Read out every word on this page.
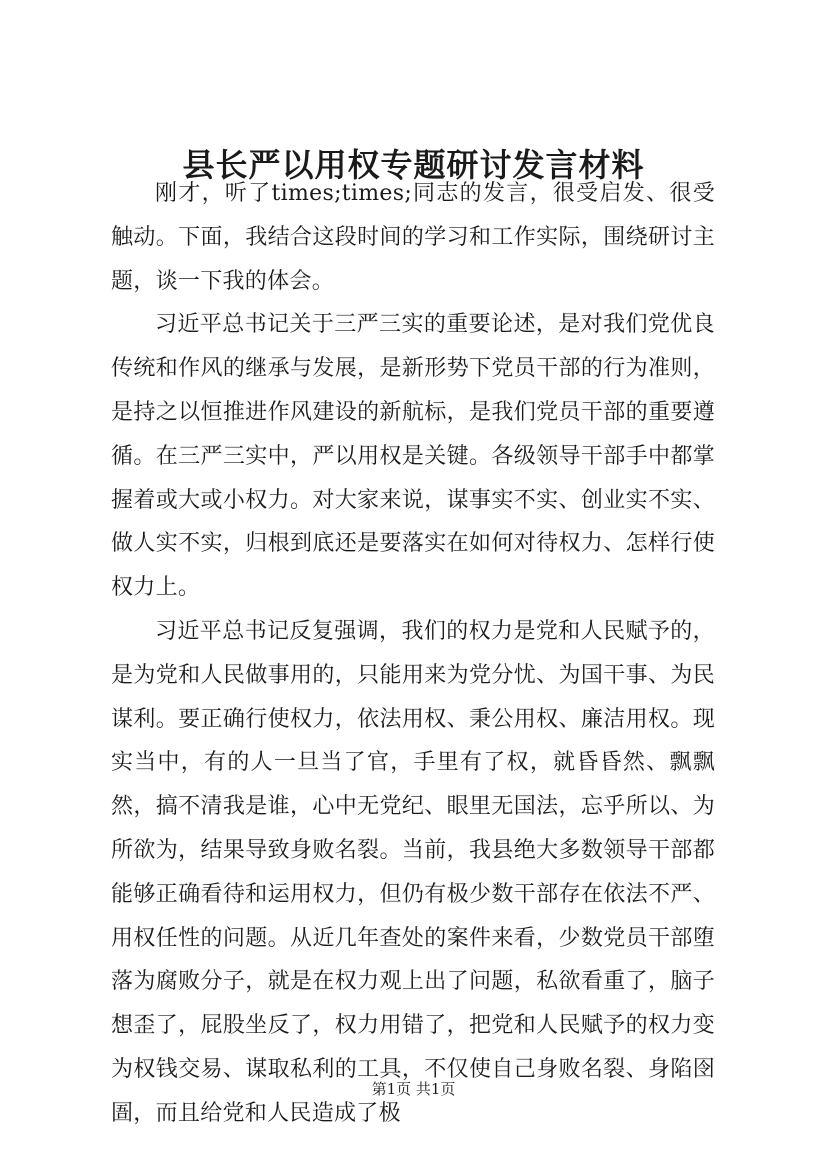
县长严以用权专题研讨发言材料

刚才，听了times;times;同志的发言，很受启发、很受触动。下面，我结合这段时间的学习和工作实际，围绕研讨主题，谈一下我的体会。

习近平总书记关于三严三实的重要论述，是对我们党优良传统和作风的继承与发展，是新形势下党员干部的行为准则，是持之以恒推进作风建设的新航标，是我们党员干部的重要遵循。在三严三实中，严以用权是关键。各级领导干部手中都掌握着或大或小权力。对大家来说，谋事实不实、创业实不实、做人实不实，归根到底还是要落实在如何对待权力、怎样行使权力上。

习近平总书记反复强调，我们的权力是党和人民赋予的，是为党和人民做事用的，只能用来为党分忧、为国干事、为民谋利。要正确行使权力，依法用权、秉公用权、廉洁用权。现实当中，有的人一旦当了官，手里有了权，就昏昏然、飘飘然，搞不清我是谁，心中无党纪、眼里无国法，忘乎所以、为所欲为，结果导致身败名裂。当前，我县绝大多数领导干部都能够正确看待和运用权力，但仍有极少数干部存在依法不严、用权任性的问题。从近几年查处的案件来看，少数党员干部堕落为腐败分子，就是在权力观上出了问题，私欲看重了，脑子想歪了，屁股坐反了，权力用错了，把党和人民赋予的权力变为权钱交易、谋取私利的工具，不仅使自己身败名裂、身陷囹圄，而且给党和人民造成了极

第1页 共1页
